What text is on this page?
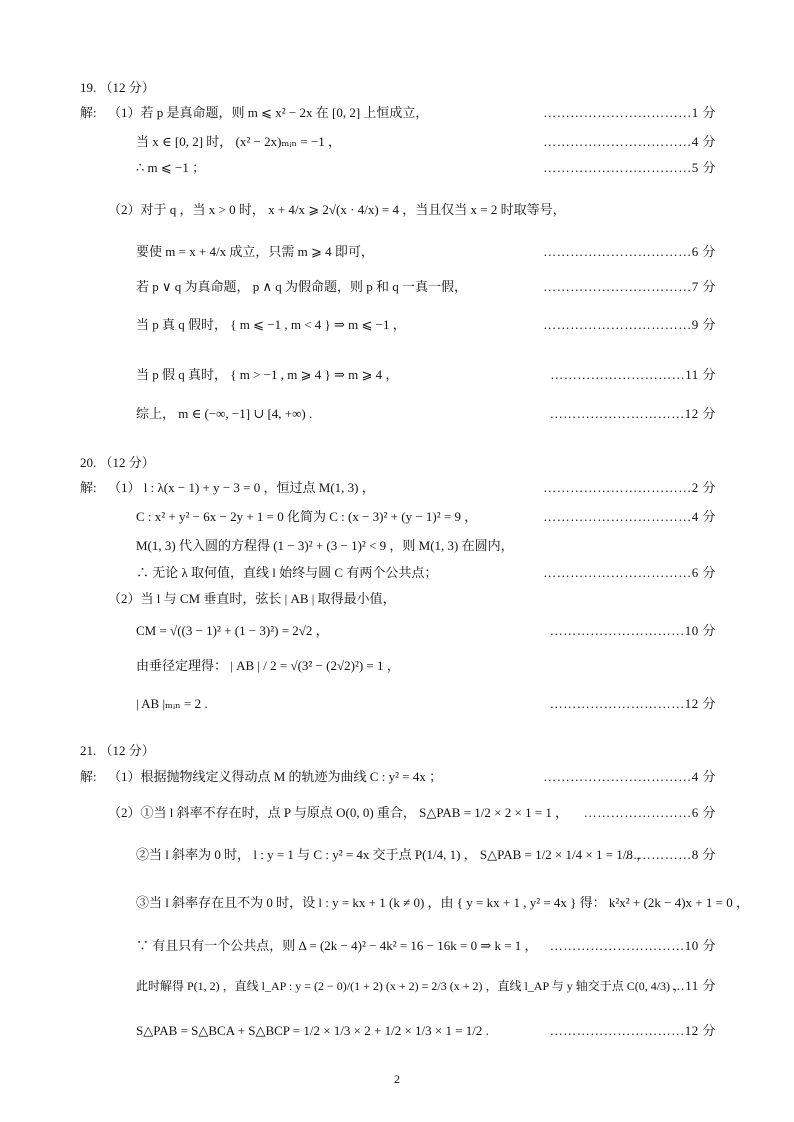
19. （12 分）
解: （1）若 p 是真命题，则 m ⩽ x² − 2x 在 [0, 2] 上恒成立，	……………………………1 分
当 x ∈ [0, 2] 时， (x² − 2x)ₘᵢₙ = −1 ，	……………………………4 分
∴ m ⩽ −1 ；	……………………………5 分
（2）对于 q ，当 x > 0 时， x + 4/x ⩾ 2√(x · 4/x) = 4 ，当且仅当 x = 2 时取等号，
要使 m = x + 4/x 成立，只需 m ⩾ 4 即可，	……………………………6 分
若 p ∨ q 为真命题， p ∧ q 为假命题，则 p 和 q 一真一假，	……………………………7 分
当 p 真 q 假时， { m ⩽ −1 , m < 4 } ⇒ m ⩽ −1 ，	……………………………9 分
当 p 假 q 真时， { m > −1 , m ⩾ 4 } ⇒ m ⩾ 4 ，	…………………………11 分
综上， m ∈ (−∞, −1] ∪ [4, +∞) .	…………………………12 分
20. （12 分）
解: （1） l : λ(x − 1) + y − 3 = 0 ，恒过点 M(1, 3) ，	……………………………2 分
C : x² + y² − 6x − 2y + 1 = 0 化简为 C : (x − 3)² + (y − 1)² = 9 ，	……………………………4 分
M(1, 3) 代入圆的方程得 (1 − 3)² + (3 − 1)² < 9 ，则 M(1, 3) 在圆内，
∴ 无论 λ 取何值，直线 l 始终与圆 C 有两个公共点；	……………………………6 分
（2）当 l 与 CM 垂直时，弦长 | AB | 取得最小值，
CM = √((3 − 1)² + (1 − 3)²) = 2√2 ，	…………………………10 分
由垂径定理得： | AB | / 2 = √(3² − (2√2)²) = 1 ，
| AB |ₘᵢₙ = 2 .	…………………………12 分
21. （12 分）
解: （1）根据抛物线定义得动点 M 的轨迹为曲线 C : y² = 4x ；	……………………………4 分
（2）①当 l 斜率不存在时，点 P 与原点 O(0, 0) 重合， S△PAB = 1/2 × 2 × 1 = 1 ， ……………………6 分
②当 l 斜率为 0 时， l : y = 1 与 C : y² = 4x 交于点 P(1/4, 1) ， S△PAB = 1/2 × 1/4 × 1 = 1/8 ，
……………8 分
③当 l 斜率存在且不为 0 时，设 l : y = kx + 1 (k ≠ 0) ，由 { y = kx + 1 , y² = 4x } 得： k²x² + (2k − 4)x + 1 = 0 ，
∵ 有且只有一个公共点，则 Δ = (2k − 4)² − 4k² = 16 − 16k = 0 ⇒ k = 1 ， …………………………10 分
此时解得 P(1, 2) ，直线 l_AP : y = (2 − 0)/(1 + 2) (x + 2) = 2/3 (x + 2) ，直线 l_AP 与 y 轴交于点 C(0, 4/3) ，
…11 分
S△PAB = S△BCA + S△BCP = 1/2 × 1/3 × 2 + 1/2 × 1/3 × 1 = 1/2 .	…………………………12 分
2
